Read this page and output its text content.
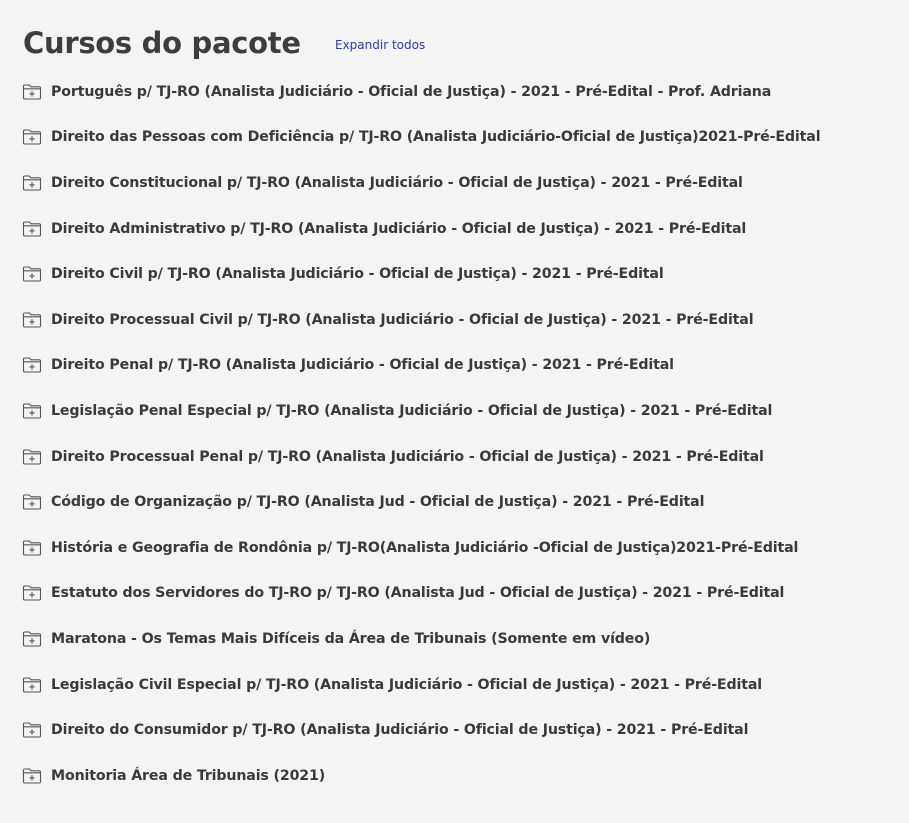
Cursos do pacote	Expandir todos
Português p/ TJ-RO (Analista Judiciário - Oficial de Justiça) - 2021 - Pré-Edital - Prof. Adriana
Direito das Pessoas com Deficiência p/ TJ-RO (Analista Judiciário-Oficial de Justiça)2021-Pré-Edital
Direito Constitucional p/ TJ-RO (Analista Judiciário - Oficial de Justiça) - 2021 - Pré-Edital
Direito Administrativo p/ TJ-RO (Analista Judiciário - Oficial de Justiça) - 2021 - Pré-Edital
Direito Civil p/ TJ-RO (Analista Judiciário - Oficial de Justiça) - 2021 - Pré-Edital
Direito Processual Civil p/ TJ-RO (Analista Judiciário - Oficial de Justiça) - 2021 - Pré-Edital
Direito Penal p/ TJ-RO (Analista Judiciário - Oficial de Justiça) - 2021 - Pré-Edital
Legislação Penal Especial p/ TJ-RO (Analista Judiciário - Oficial de Justiça) - 2021 - Pré-Edital
Direito Processual Penal p/ TJ-RO (Analista Judiciário - Oficial de Justiça) - 2021 - Pré-Edital
Código de Organização p/ TJ-RO (Analista Jud - Oficial de Justiça) - 2021 - Pré-Edital
História e Geografia de Rondônia p/ TJ-RO(Analista Judiciário -Oficial de Justiça)2021-Pré-Edital
Estatuto dos Servidores do TJ-RO p/ TJ-RO (Analista Jud - Oficial de Justiça) - 2021 - Pré-Edital
Maratona - Os Temas Mais Difíceis da Área de Tribunais (Somente em vídeo)
Legislação Civil Especial p/ TJ-RO (Analista Judiciário - Oficial de Justiça) - 2021 - Pré-Edital
Direito do Consumidor p/ TJ-RO (Analista Judiciário - Oficial de Justiça) - 2021 - Pré-Edital
Monitoria Área de Tribunais (2021)
